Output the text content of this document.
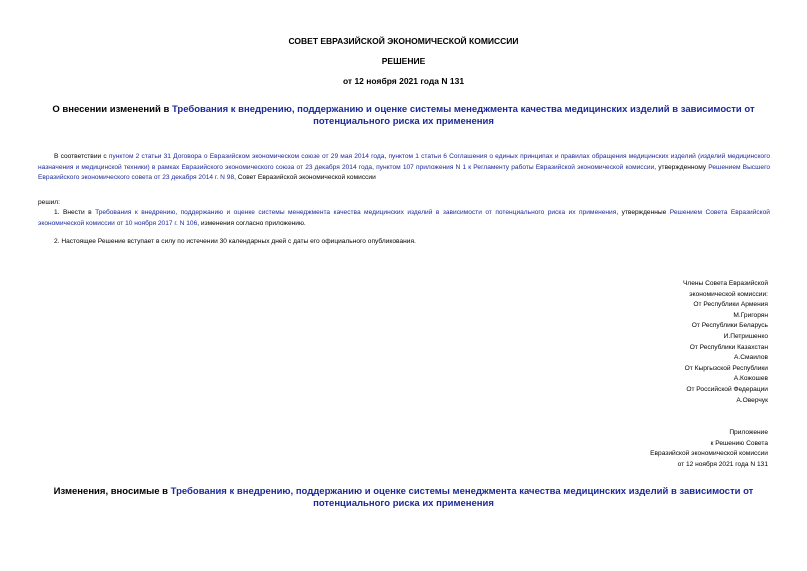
СОВЕТ ЕВРАЗИЙСКОЙ ЭКОНОМИЧЕСКОЙ КОМИССИИ
РЕШЕНИЕ
от 12 ноября 2021 года N 131
О внесении изменений в Требования к внедрению, поддержанию и оценке системы менеджмента качества медицинских изделий в зависимости от потенциального риска их применения
В соответствии с пунктом 2 статьи 31 Договора о Евразийском экономическом союзе от 29 мая 2014 года, пунктом 1 статьи 6 Соглашения о единых принципах и правилах обращения медицинских изделий (изделий медицинского назначения и медицинской техники) в рамках Евразийского экономического союза от 23 декабря 2014 года, пунктом 107 приложения N 1 к Регламенту работы Евразийской экономической комиссии, утвержденному Решением Высшего Евразийского экономического совета от 23 декабря 2014 г. N 98, Совет Евразийской экономической комиссии
решил:
1. Внести в Требования к внедрению, поддержанию и оценке системы менеджмента качества медицинских изделий в зависимости от потенциального риска их применения, утвержденные Решением Совета Евразийской экономической комиссии от 10 ноября 2017 г. N 106, изменения согласно приложению.
2. Настоящее Решение вступает в силу по истечении 30 календарных дней с даты его официального опубликования.
Члены Совета Евразийской
экономической комиссии:
От Республики Армения
М.Григорян
От Республики Беларусь
И.Петришенко
От Республики Казахстан
А.Смаилов
От Кыргызской Республики
А.Кожошев
От Российской Федерации
А.Оверчук
Приложение
к Решению Совета
Евразийской экономической комиссии
от 12 ноября 2021 года N 131
Изменения, вносимые в Требования к внедрению, поддержанию и оценке системы менеджмента качества медицинских изделий в зависимости от потенциального риска их применения
